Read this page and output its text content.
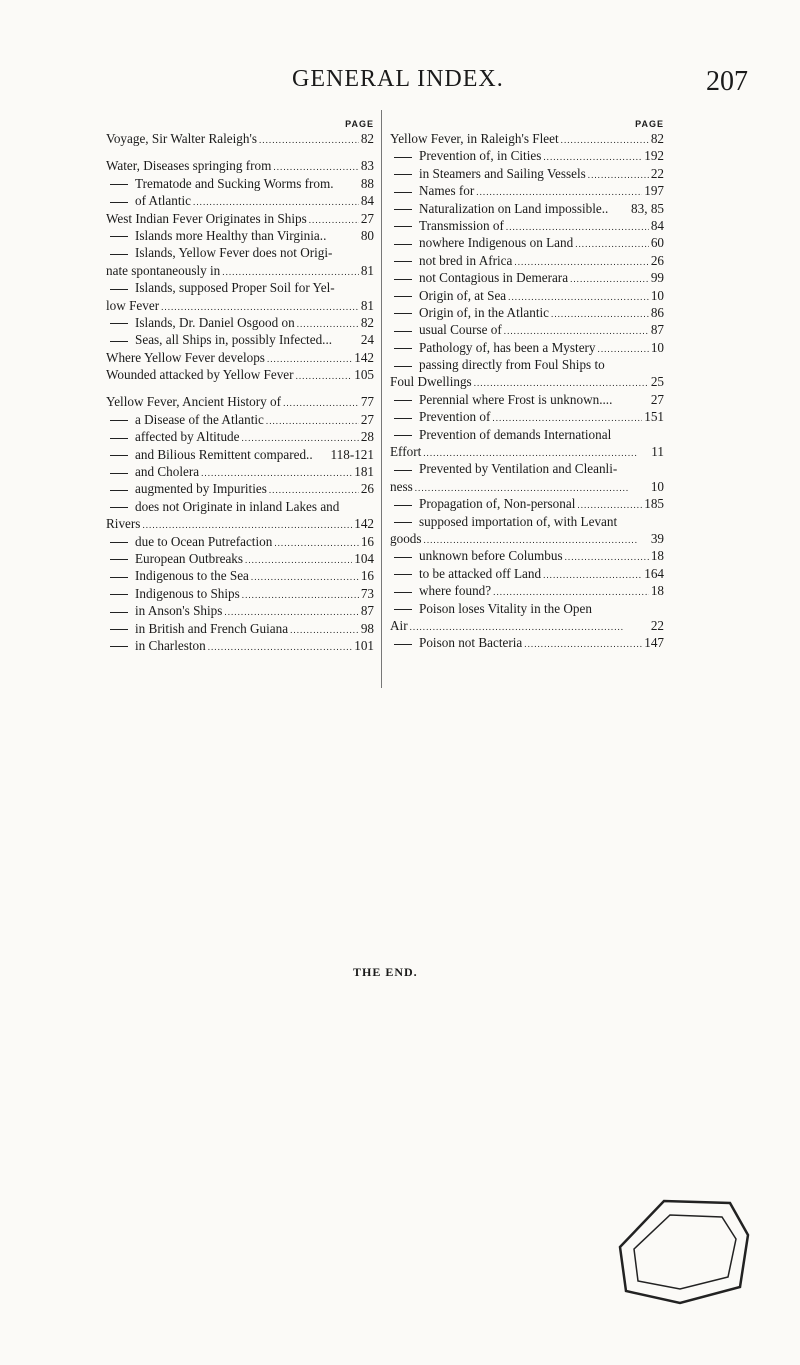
GENERAL INDEX.	207
PAGE
Voyage, Sir Walter Raleigh's . . .	82
Water, Diseases springing from . . .	83
Trematode and Sucking Worms from. 88
of Atlantic . . .	84
West Indian Fever Originates in Ships . . .	27
Islands more Healthy than Virginia..	80
Islands, Yellow Fever does not Origi-
nate spontaneously in . . .	81
Islands, supposed Proper Soil for Yel-
low Fever . . .	81
Islands, Dr. Daniel Osgood on . . .	82
Seas, all Ships in, possibly Infected... 24
Where Yellow Fever develops . . .	142
Wounded attacked by Yellow Fever . . .	105
Yellow Fever, Ancient History of . . .	77
a Disease of the Atlantic . . .	27
affected by Altitude . . .	28
and Bilious Remittent compared.. 118-121
and Cholera . . .	181
augmented by Impurities . . .	26
does not Originate in inland Lakes and
Rivers . . .	142
due to Ocean Putrefaction . . .	16
European Outbreaks . . .	104
Indigenous to the Sea . . .	16
Indigenous to Ships . . .	73
in Anson's Ships . . .	87
in British and French Guiana . . .	98
in Charleston . . .	101
PAGE
Yellow Fever, in Raleigh's Fleet . . .	82
Prevention of, in Cities . . .	192
in Steamers and Sailing Vessels . . .	22
Names for . . .	197
Naturalization on Land impossible.. 83, 85
Transmission of . . .	84
nowhere Indigenous on Land . . .	60
not bred in Africa . . .	26
not Contagious in Demerara . . .	99
Origin of, at Sea . . .	10
Origin of, in the Atlantic . . .	86
usual Course of . . .	87
Pathology of, has been a Mystery . . .	10
passing directly from Foul Ships to
Foul Dwellings . . .	25
Perennial where Frost is unknown....	27
Prevention of . . .	151
Prevention of demands International
Effort . . .	11
Prevented by Ventilation and Cleanli-
ness . . .	10
Propagation of, Non-personal . . .	185
supposed importation of, with Levant
goods . . .	39
unknown before Columbus . . .	18
to be attacked off Land . . .	164
where found? . . .	18
Poison loses Vitality in the Open
Air . . .	22
Poison not Bacteria . . .	147
THE END.
